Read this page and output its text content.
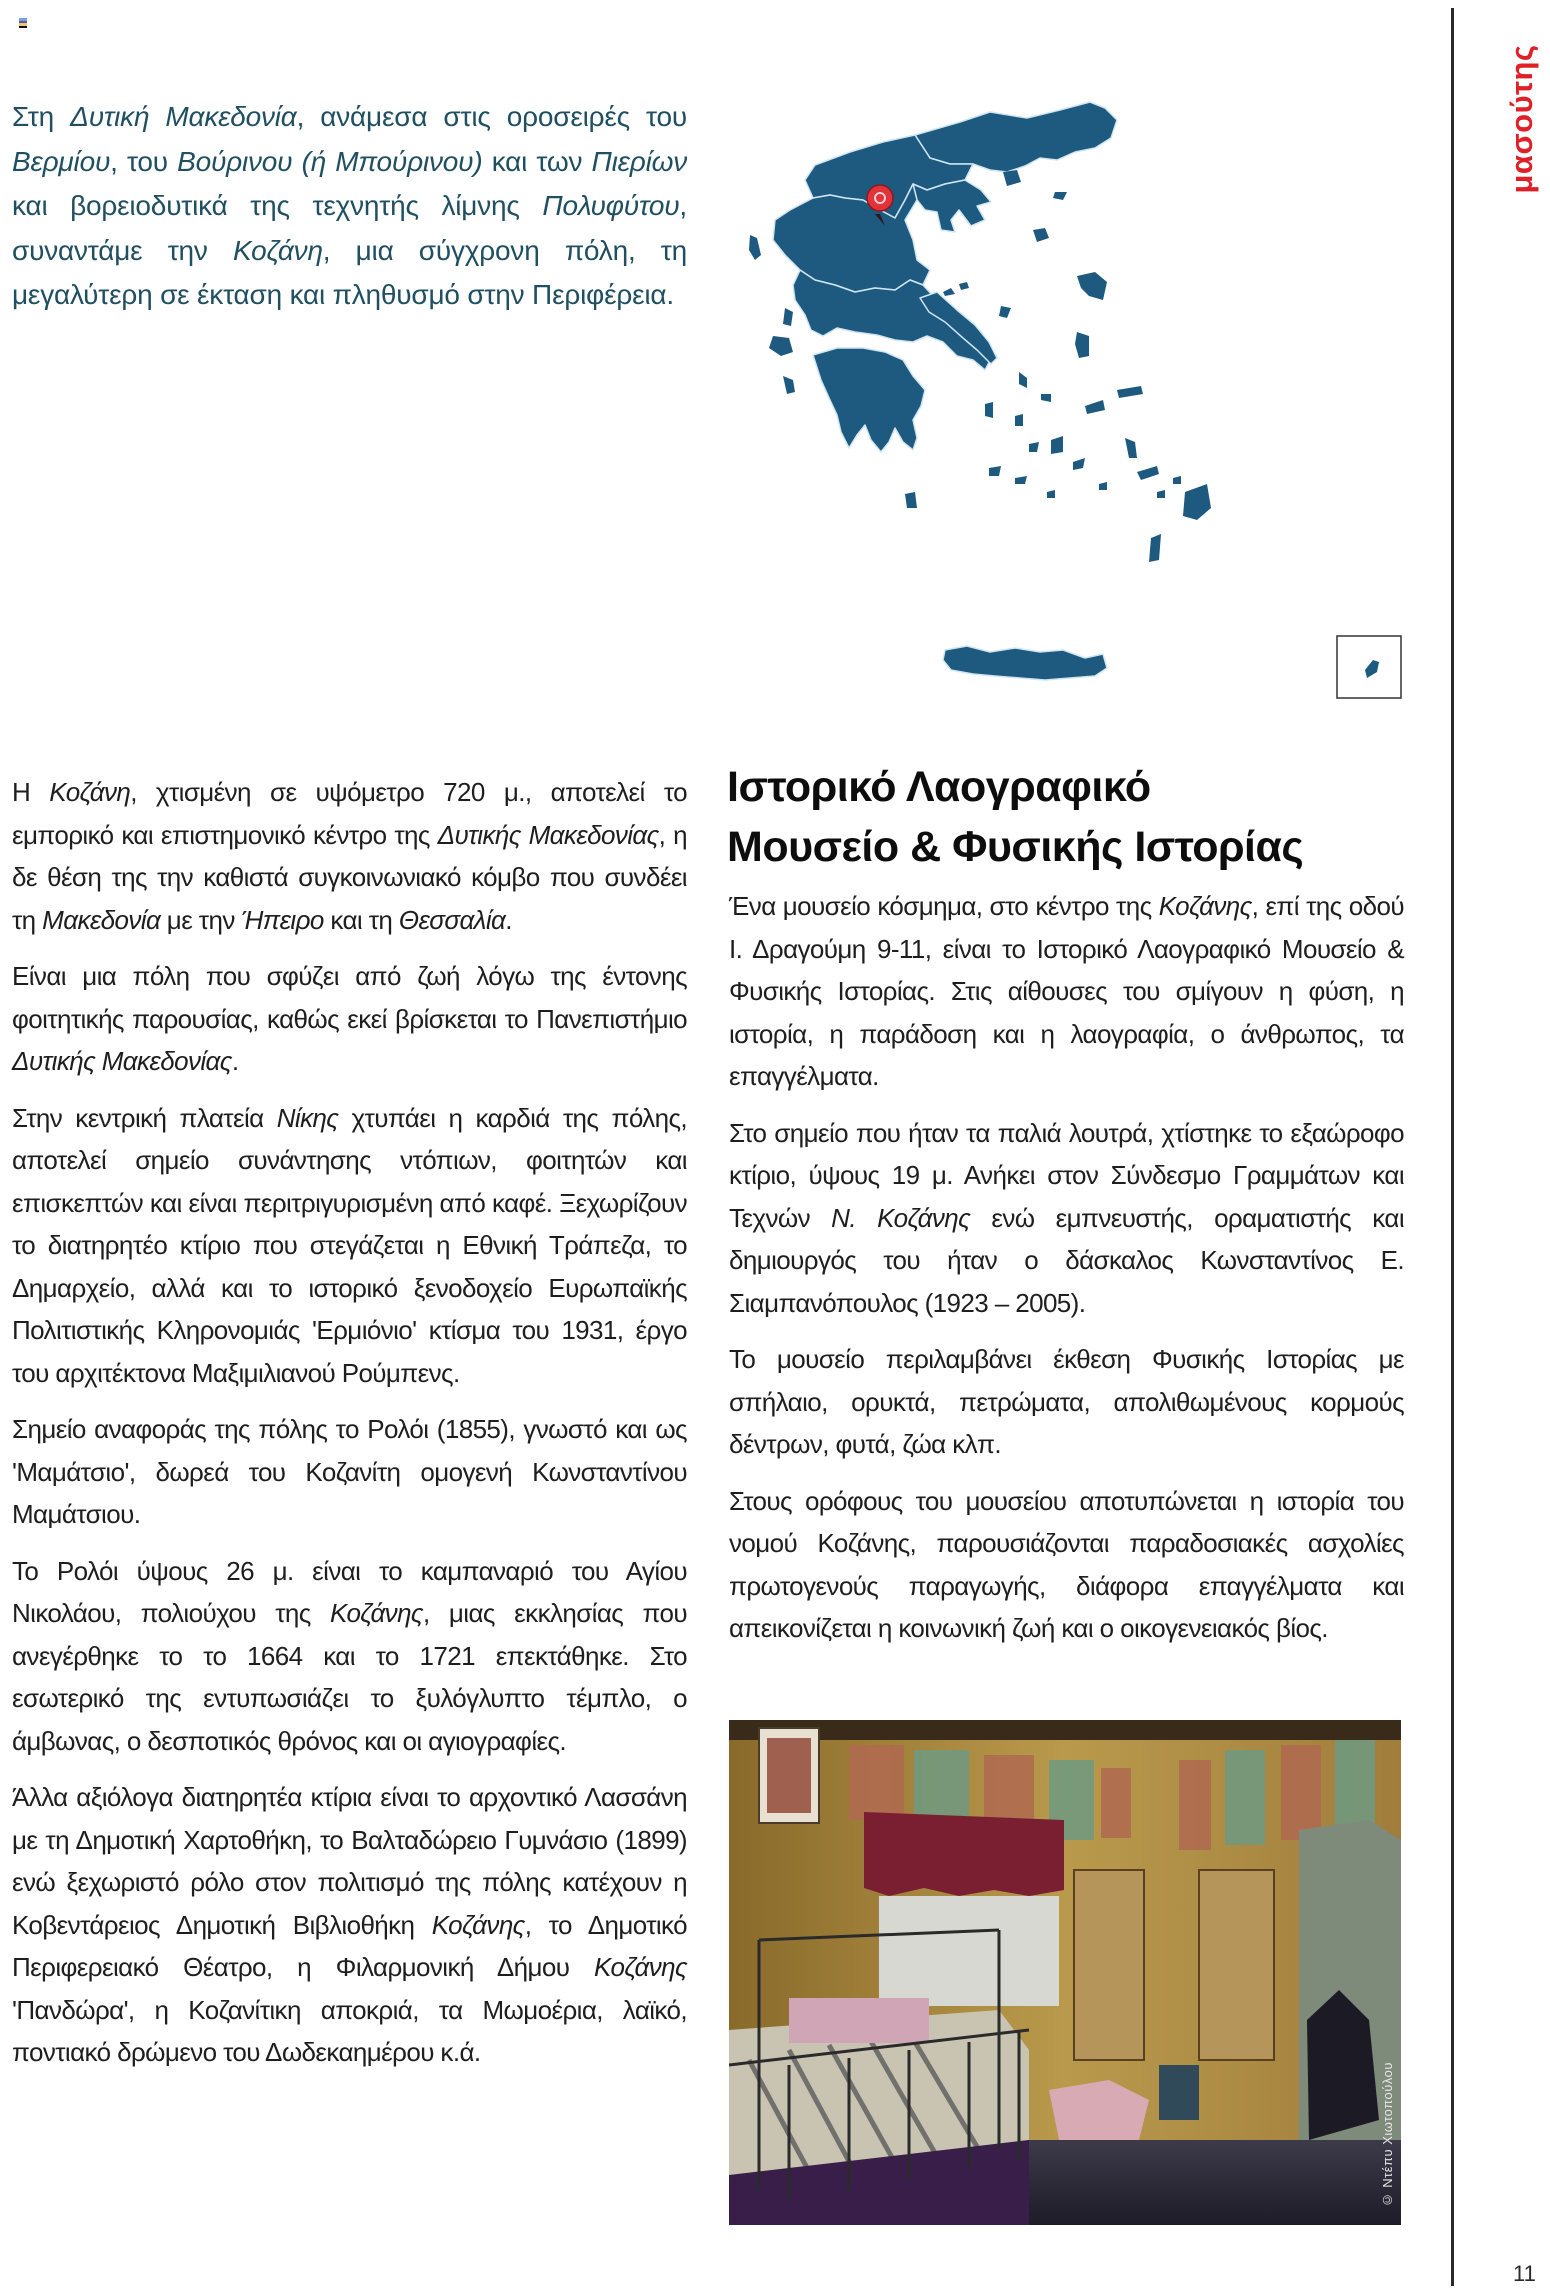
Στη Δυτική Μακεδονία, ανάμεσα στις οροσειρές του Βερμίου, του Βούρινου (ή Μπούρινου) και των Πιερίων και βορειοδυτικά της τεχνητής λίμνης Πολυφύτου, συναντάμε την Κοζάνη, μια σύγχρονη πόλη, τη μεγαλύτερη σε έκταση και πληθυσμό στην Περιφέρεια.

Η Κοζάνη, χτισμένη σε υψόμετρο 720 μ., αποτελεί το εμπορικό και επιστημονικό κέντρο της Δυτικής Μακεδονίας, η δε θέση της την καθιστά συγκοινωνιακό κόμβο που συνδέει τη Μακεδονία με την Ήπειρο και τη Θεσσαλία.

Είναι μια πόλη που σφύζει από ζωή λόγω της έντονης φοιτητικής παρουσίας, καθώς εκεί βρίσκεται το Πανεπιστήμιο Δυτικής Μακεδονίας.

Στην κεντρική πλατεία Νίκης χτυπάει η καρδιά της πόλης, αποτελεί σημείο συνάντησης ντόπιων, φοιτητών και επισκεπτών και είναι περιτριγυρισμένη από καφέ. Ξεχωρίζουν το διατηρητέο κτίριο που στεγάζεται η Εθνική Τράπεζα, το Δημαρχείο, αλλά και το ιστορικό ξενοδοχείο Ευρωπαϊκής Πολιτιστικής Κληρονομιάς 'Ερμιόνιο' κτίσμα του 1931, έργο του αρχιτέκτονα Μαξιμιλιανού Ρούμπενς.

Σημείο αναφοράς της πόλης το Ρολόι (1855), γνωστό και ως 'Μαμάτσιο', δωρεά του Κοζανίτη ομογενή Κωνσταντίνου Μαμάτσιου.

Το Ρολόι ύψους 26 μ. είναι το καμπαναριό του Αγίου Νικολάου, πολιούχου της Κοζάνης, μιας εκκλησίας που ανεγέρθηκε το το 1664 και το 1721 επεκτάθηκε. Στο εσωτερικό της εντυπωσιάζει το ξυλόγλυπτο τέμπλο, ο άμβωνας, ο δεσποτικός θρόνος και οι αγιογραφίες.

Άλλα αξιόλογα διατηρητέα κτίρια είναι το αρχοντικό Λασσάνη με τη Δημοτική Χαρτοθήκη, το Βαλταδώρειο Γυμνάσιο (1899) ενώ ξεχωριστό ρόλο στον πολιτισμό της πόλης κατέχουν η Κοβεντάρειος Δημοτική Βιβλιοθήκη Κοζάνης, το Δημοτικό Περιφερειακό Θέατρο, η Φιλαρμονική Δήμου Κοζάνης 'Πανδώρα', η Κοζανίτικη αποκριά, τα Μωμοέρια, λαϊκό, ποντιακό δρώμενο του Δωδεκαημέρου κ.ά.

Ιστορικό Λαογραφικό
Μουσείο & Φυσικής Ιστορίας

Ένα μουσείο κόσμημα, στο κέντρο της Κοζάνης, επί της οδού Ι. Δραγούμη 9-11, είναι το Ιστορικό Λαογραφικό Μουσείο & Φυσικής Ιστορίας. Στις αίθουσες του σμίγουν η φύση, η ιστορία, η παράδοση και η λαογραφία, ο άνθρωπος, τα επαγγέλματα.

Στο σημείο που ήταν τα παλιά λουτρά, χτίστηκε το εξαώροφο κτίριο, ύψους 19 μ. Ανήκει στον Σύνδεσμο Γραμμάτων και Τεχνών Ν. Κοζάνης ενώ εμπνευστής, οραματιστής και δημιουργός του ήταν ο δάσκαλος Κωνσταντίνος Ε. Σιαμπανόπουλος (1923 – 2005).

Το μουσείο περιλαμβάνει έκθεση Φυσικής Ιστορίας με σπήλαιο, ορυκτά, πετρώματα, απολιθωμένους κορμούς δέντρων, φυτά, ζώα κλπ.

Στους ορόφους του μουσείου αποτυπώνεται η ιστορία του νομού Κοζάνης, παρουσιάζονται παραδοσιακές ασχολίες πρωτογενούς παραγωγής, διάφορα επαγγέλματα και απεικονίζεται η κοινωνική ζωή και ο οικογενειακός βίος.

© Ντέπυ Χιωτοπούλου
μασούτης
11
